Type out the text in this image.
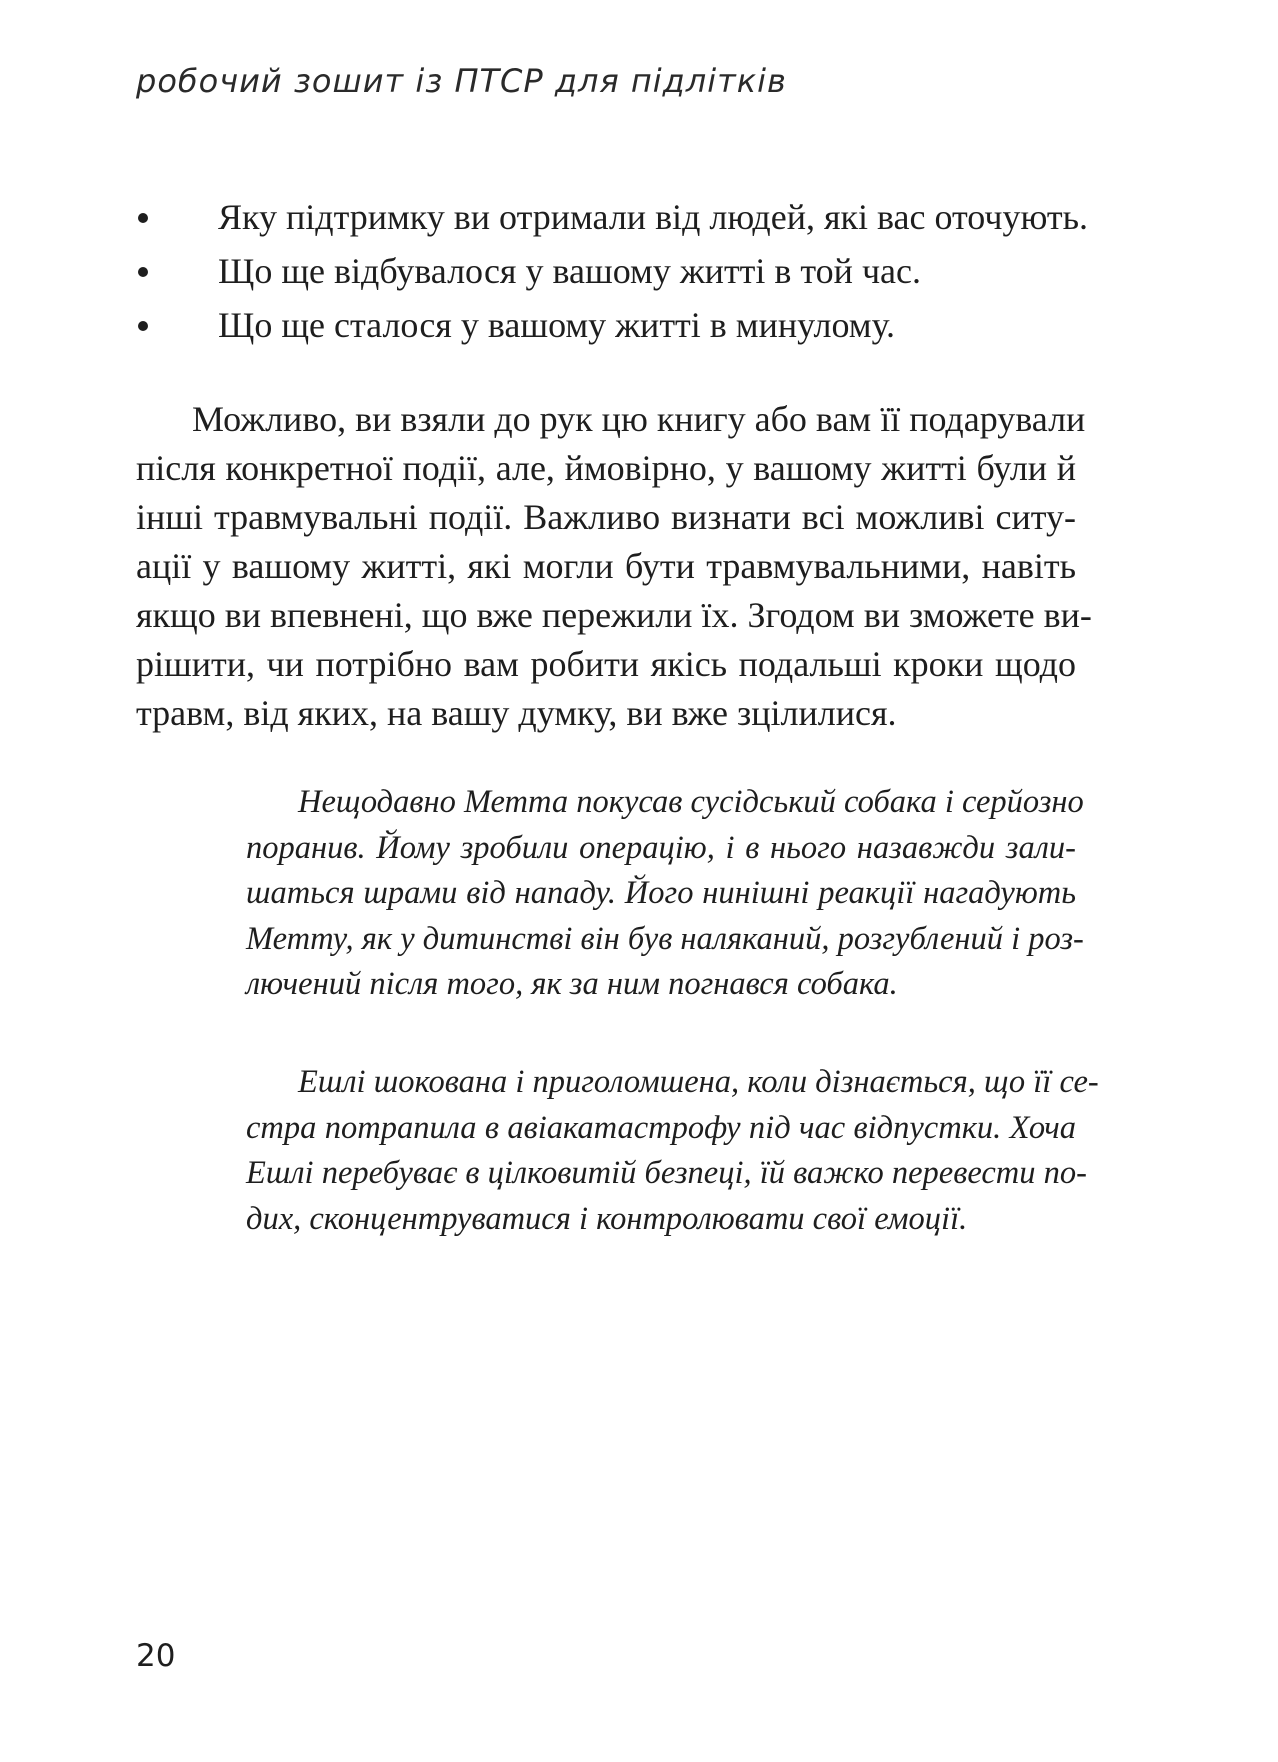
робочий зошит із ПТСР для підлітків
Яку підтримку ви отримали від людей, які вас оточують.
Що ще відбувалося у вашому житті в той час.
Що ще сталося у вашому житті в минулому.

Можливо, ви взяли до рук цю книгу або вам її подарували
після конкретної події, але, ймовірно, у вашому житті були й
інші травмувальні події. Важливо визнати всі можливі ситу-
ації у вашому житті, які могли бути травмувальними, навіть
якщо ви впевнені, що вже пережили їх. Згодом ви зможете ви-
рішити, чи потрібно вам робити якісь подальші кроки щодо
травм, від яких, на вашу думку, ви вже зцілилися.

Нещодавно Метта покусав сусідський собака і серйозно
поранив. Йому зробили операцію, і в нього назавжди зали-
шаться шрами від нападу. Його нинішні реакції нагадують
Метту, як у дитинстві він був наляканий, розгублений і роз-
лючений після того, як за ним погнався собака.

Ешлі шокована і приголомшена, коли дізнається, що її се-
стра потрапила в авіакатастрофу під час відпустки. Хоча
Ешлі перебуває в цілковитій безпеці, їй важко перевести по-
дих, сконцентруватися і контролювати свої емоції.

20
